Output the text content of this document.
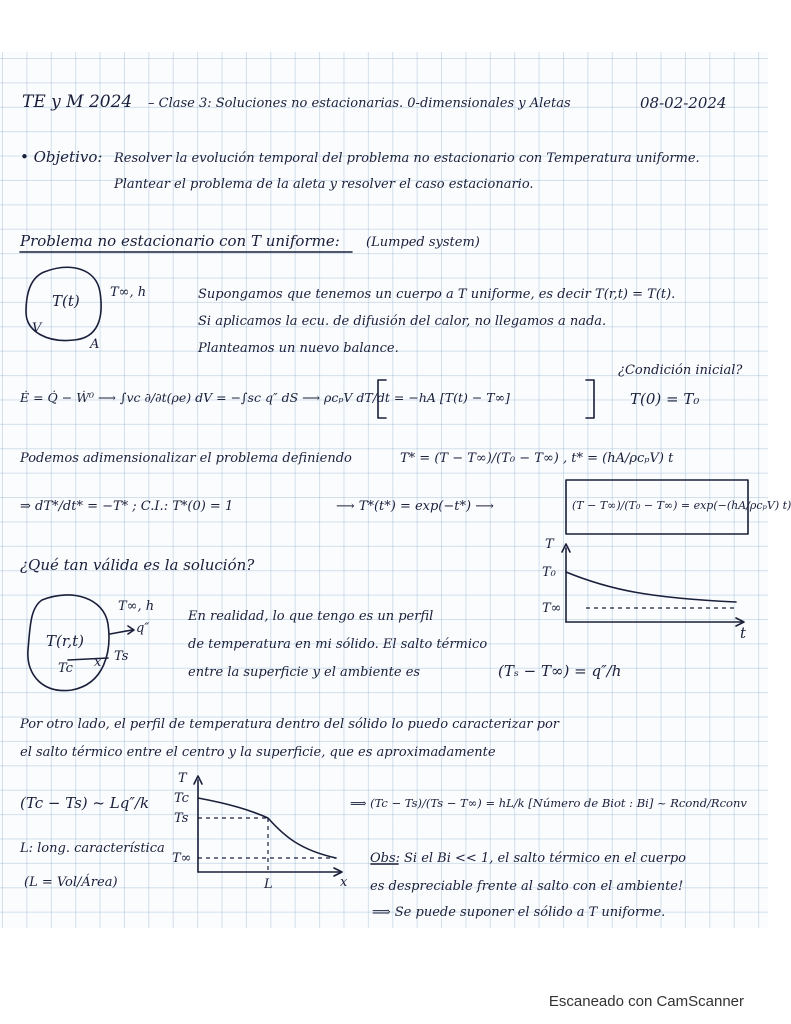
TE y M 2024 – Clase 3: Soluciones no estacionarias. 0-dimensionales y Aletas	08-02-2024
• Objetivo: Resolver la evolución temporal del problema no estacionario con Temperatura uniforme.
Plantear el problema de la aleta y resolver el caso estacionario.
Problema no estacionario con T uniforme: (Lumped system)
T(t)
V
A
T∞, h	Supongamos que tenemos un cuerpo a T uniforme, es decir T(r,t) = T(t).
Si aplicamos la ecu. de difusión del calor, no llegamos a nada.
Planteamos un nuevo balance.
Ė = Q̇ − Ẇ⁰ ⟶ ∫vc ∂/∂t(ρe) dV = −∫sc q″ dS ⟶ ρcₚV dT/dt = −hA [T(t) − T∞]
¿Condición inicial?
T(0) = T₀
Podemos adimensionalizar el problema definiendo	T* = (T − T∞)/(T₀ − T∞) , t* = (hA/ρcₚV) t
⇒ dT*/dt* = −T* ; C.I.: T*(0) = 1	⟶ T*(t*) = exp(−t*) ⟶	(T − T∞)/(T₀ − T∞) = exp(−(hA/ρcₚV) t)
T
T₀
T∞
t
¿Qué tan válida es la solución?
En realidad, lo que tengo es un perfil
de temperatura en mi sólido. El salto térmico
entre la superficie y el ambiente es	(Tₛ − T∞) = q″/h
T(r,t)
Tc x Ts
T∞, h
q″
Por otro lado, el perfil de temperatura dentro del sólido lo puedo caracterizar por
el salto térmico entre el centro y la superficie, que es aproximadamente
(Tc − Ts) ~ Lq″/k
L: long. característica
(L = Vol/Área)
⟹ (Tc − Ts)/(Ts − T∞) = hL/k [Número de Biot : Bi] ~ Rcond/Rconv
T
Tc
Ts
T∞
L	x
Obs: Si el Bi << 1, el salto térmico en el cuerpo
es despreciable frente al salto con el ambiente!
⟹ Se puede suponer el sólido a T uniforme.
Escaneado con CamScanner
